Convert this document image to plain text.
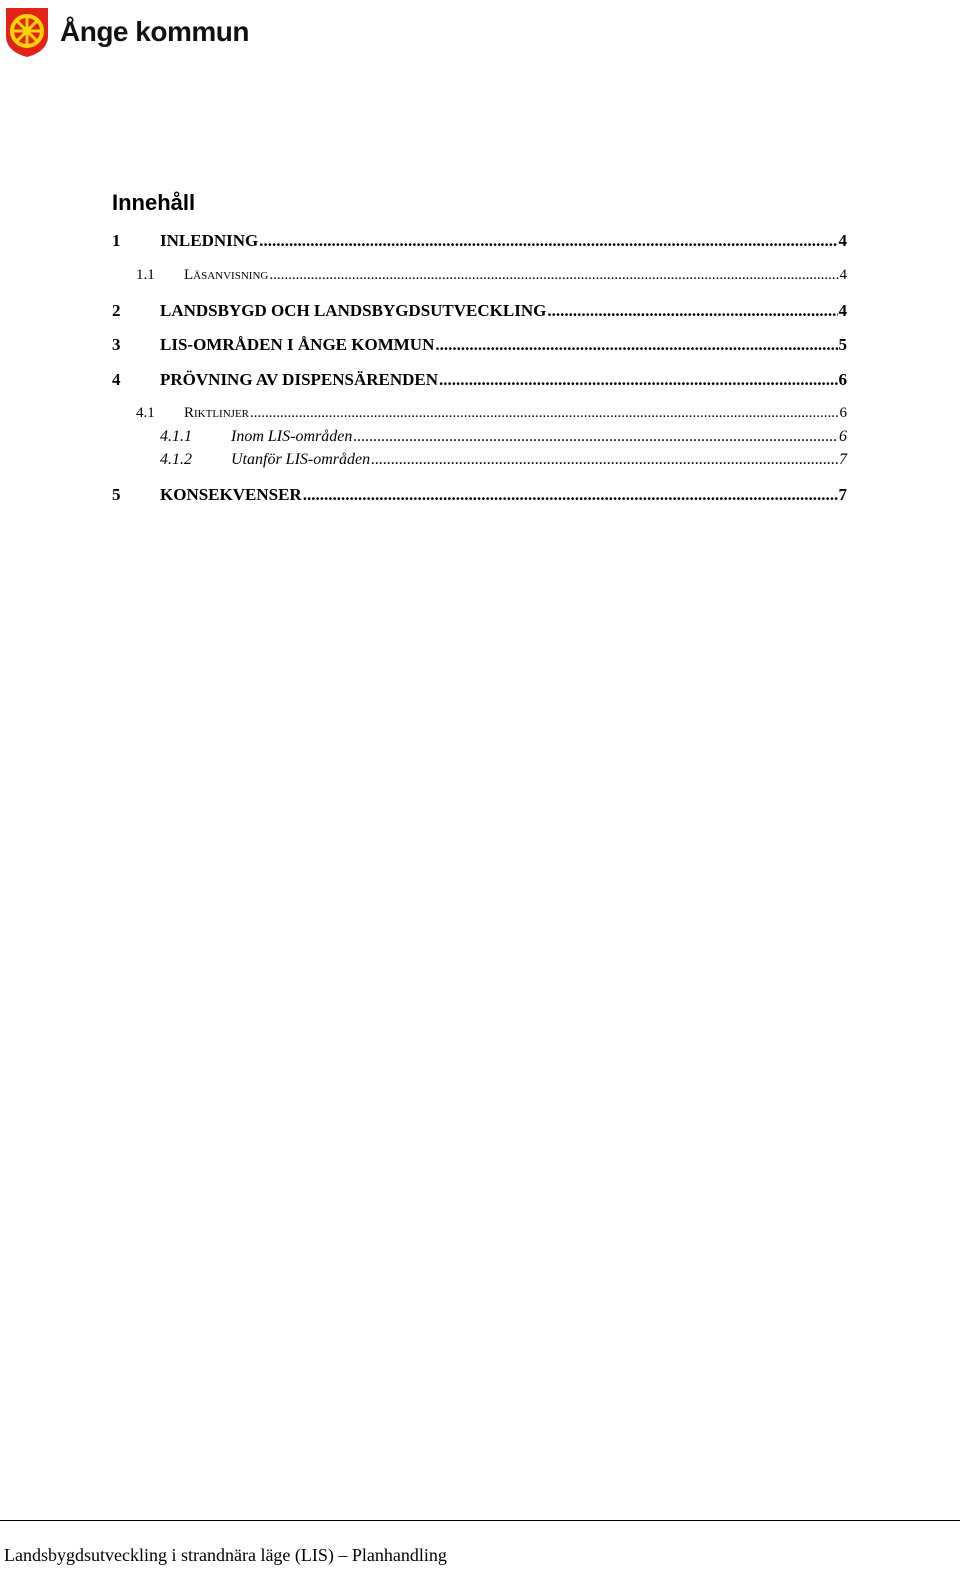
Ånge kommun
Innehåll
1	INLEDNING .....	4
1.1	Läsanvisning .....	4
2	LANDSBYGD OCH LANDSBYGDSUTVECKLING .....	4
3	LIS-OMRÅDEN I ÅNGE KOMMUN .....	5
4	PRÖVNING AV DISPENSÄRENDEN .....	6
4.1	Riktlinjer .....	6
4.1.1	Inom LIS-områden .....	6
4.1.2	Utanför LIS-områden .....	7
5	KONSEKVENSER .....	7
Landsbygdsutveckling i strandnära läge (LIS) – Planhandling
